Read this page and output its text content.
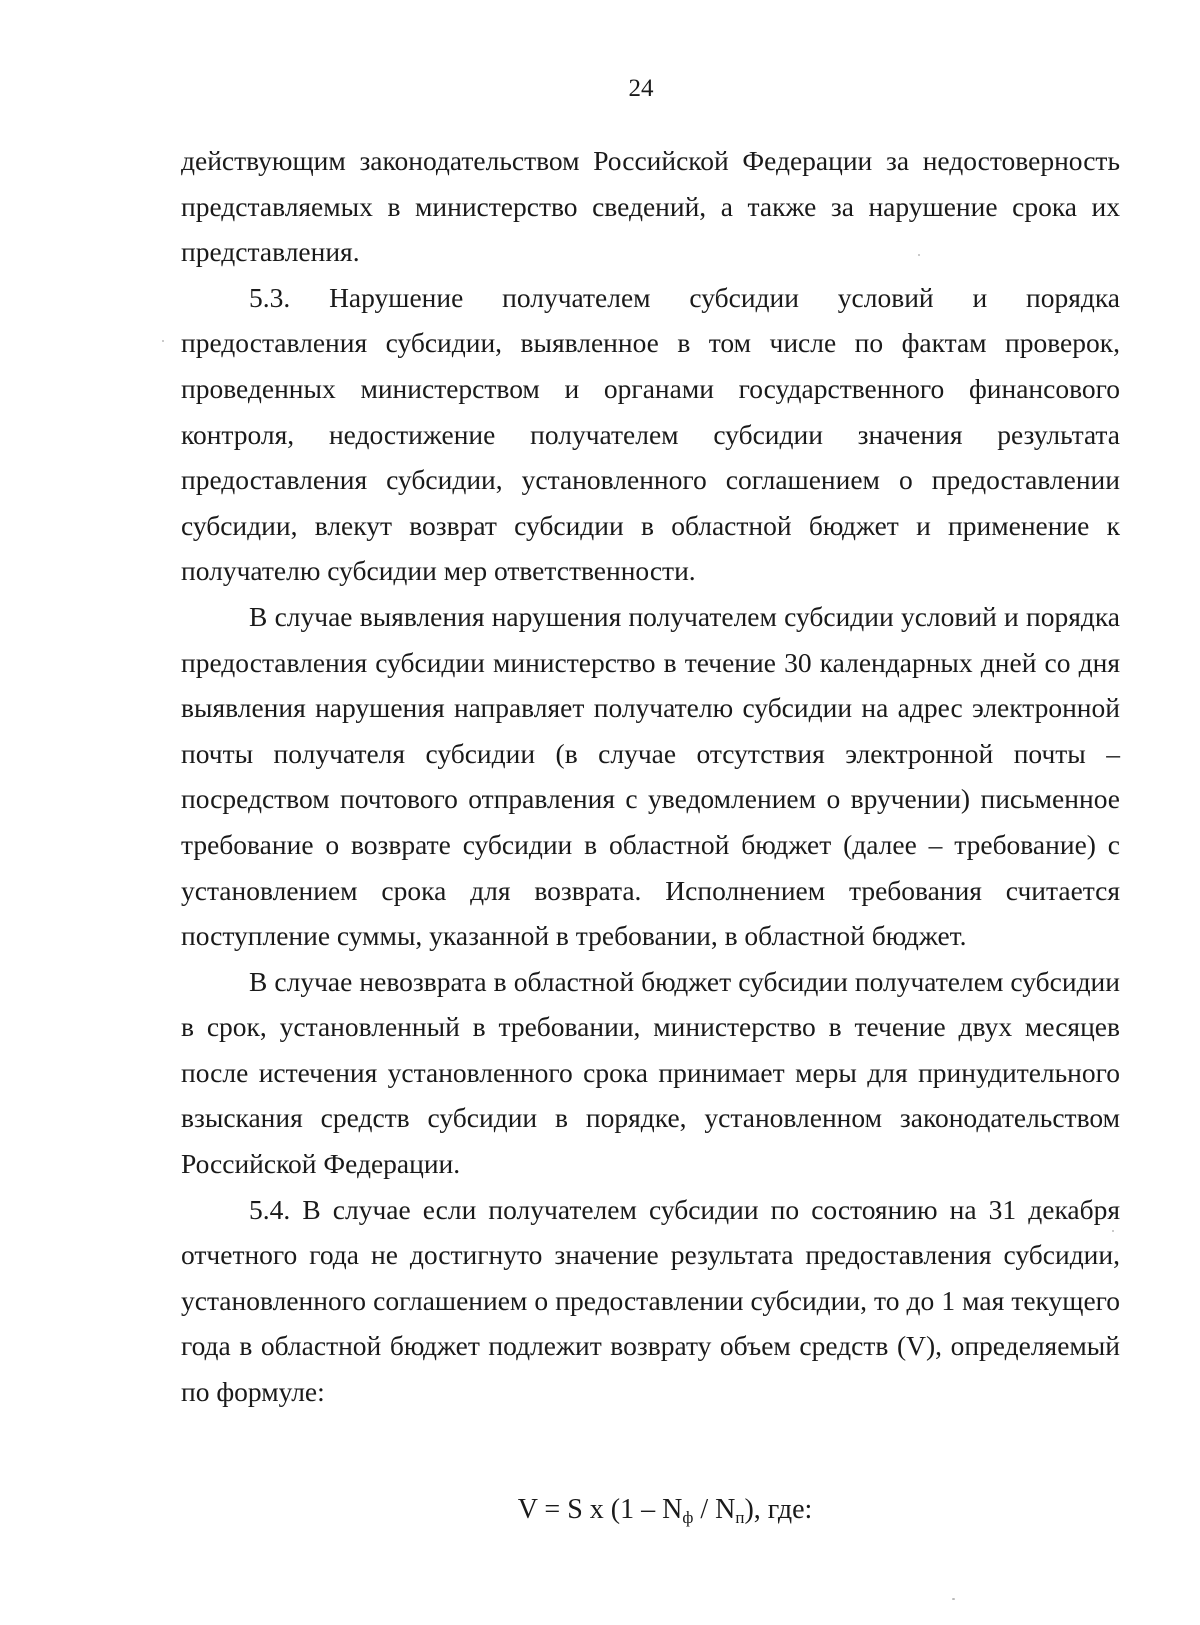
24

действующим законодательством Российской Федерации за недостоверность представляемых в министерство сведений, а также за нарушение срока их представления.

5.3. Нарушение получателем субсидии условий и порядка предоставления субсидии, выявленное в том числе по фактам проверок, проведенных министерством и органами государственного финансового контроля, недостижение получателем субсидии значения результата предоставления субсидии, установленного соглашением о предоставлении субсидии, влекут возврат субсидии в областной бюджет и применение к получателю субсидии мер ответственности.

В случае выявления нарушения получателем субсидии условий и порядка предоставления субсидии министерство в течение 30 календарных дней со дня выявления нарушения направляет получателю субсидии на адрес электронной почты получателя субсидии (в случае отсутствия электронной почты – посредством почтового отправления с уведомлением о вручении) письменное требование о возврате субсидии в областной бюджет (далее – требование) с установлением срока для возврата. Исполнением требования считается поступление суммы, указанной в требовании, в областной бюджет.

В случае невозврата в областной бюджет субсидии получателем субсидии в срок, установленный в требовании, министерство в течение двух месяцев после истечения установленного срока принимает меры для принудительного взыскания средств субсидии в порядке, установленном законодательством Российской Федерации.

5.4. В случае если получателем субсидии по состоянию на 31 декабря отчетного года не достигнуто значение результата предоставления субсидии, установленного соглашением о предоставлении субсидии, то до 1 мая текущего года в областной бюджет подлежит возврату объем средств (V), определяемый по формуле:

V = S x $(1 - N_ф / N_п)$, где:
